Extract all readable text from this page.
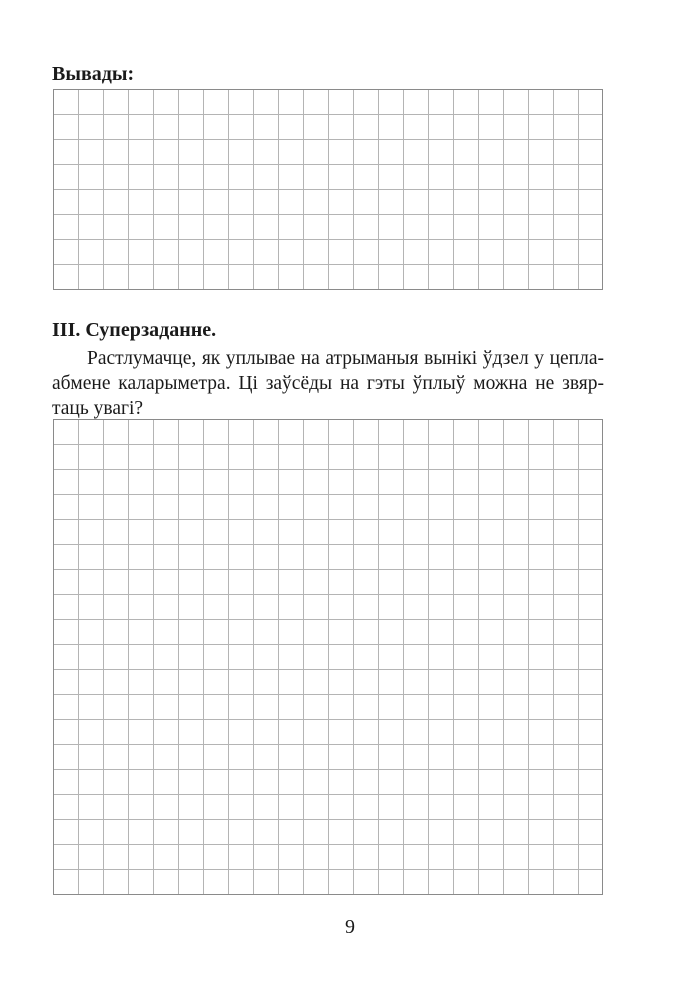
Вывады:
III. Суперзаданне.

Растлумачце, як уплывае на атрыманыя вынікі ўдзел у цепла-
абмене каларыметра. Ці заўсёды на гэты ўплыў можна не звяр-
таць увагі?

9
